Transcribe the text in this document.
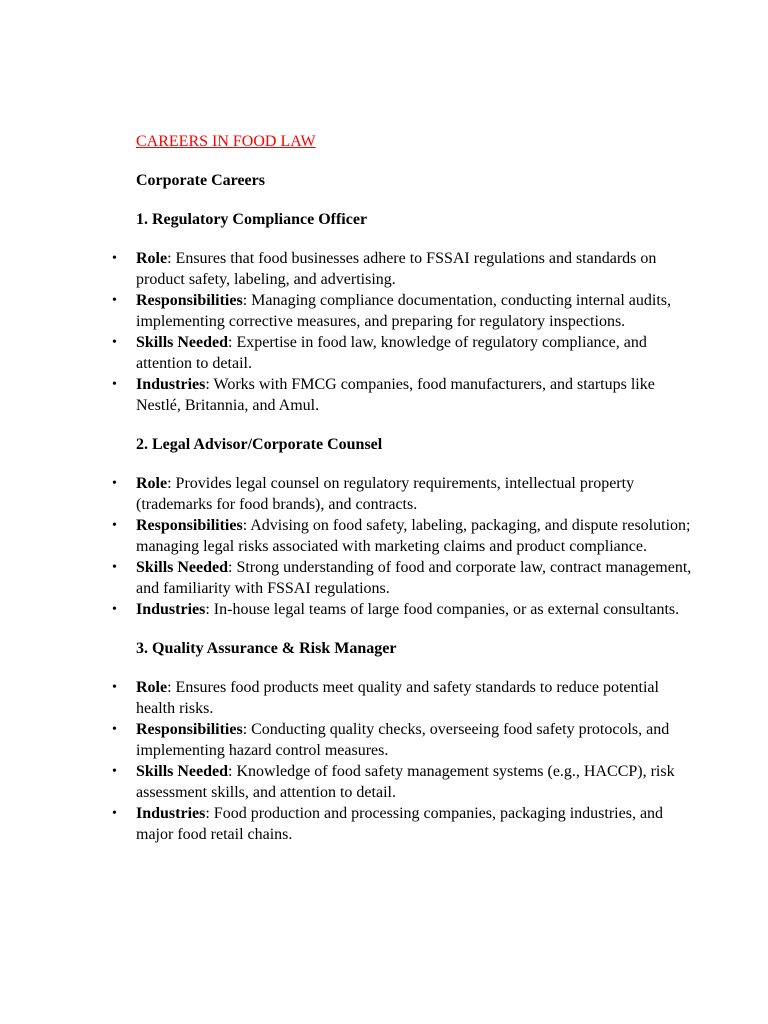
CAREERS IN FOOD LAW

Corporate Careers

1. Regulatory Compliance Officer

• Role: Ensures that food businesses adhere to FSSAI regulations and standards on product safety, labeling, and advertising.
• Responsibilities: Managing compliance documentation, conducting internal audits, implementing corrective measures, and preparing for regulatory inspections.
• Skills Needed: Expertise in food law, knowledge of regulatory compliance, and attention to detail.
• Industries: Works with FMCG companies, food manufacturers, and startups like Nestlé, Britannia, and Amul.

2. Legal Advisor/Corporate Counsel

• Role: Provides legal counsel on regulatory requirements, intellectual property (trademarks for food brands), and contracts.
• Responsibilities: Advising on food safety, labeling, packaging, and dispute resolution; managing legal risks associated with marketing claims and product compliance.
• Skills Needed: Strong understanding of food and corporate law, contract management, and familiarity with FSSAI regulations.
• Industries: In-house legal teams of large food companies, or as external consultants.

3. Quality Assurance & Risk Manager

• Role: Ensures food products meet quality and safety standards to reduce potential health risks.
• Responsibilities: Conducting quality checks, overseeing food safety protocols, and implementing hazard control measures.
• Skills Needed: Knowledge of food safety management systems (e.g., HACCP), risk assessment skills, and attention to detail.
• Industries: Food production and processing companies, packaging industries, and major food retail chains.
